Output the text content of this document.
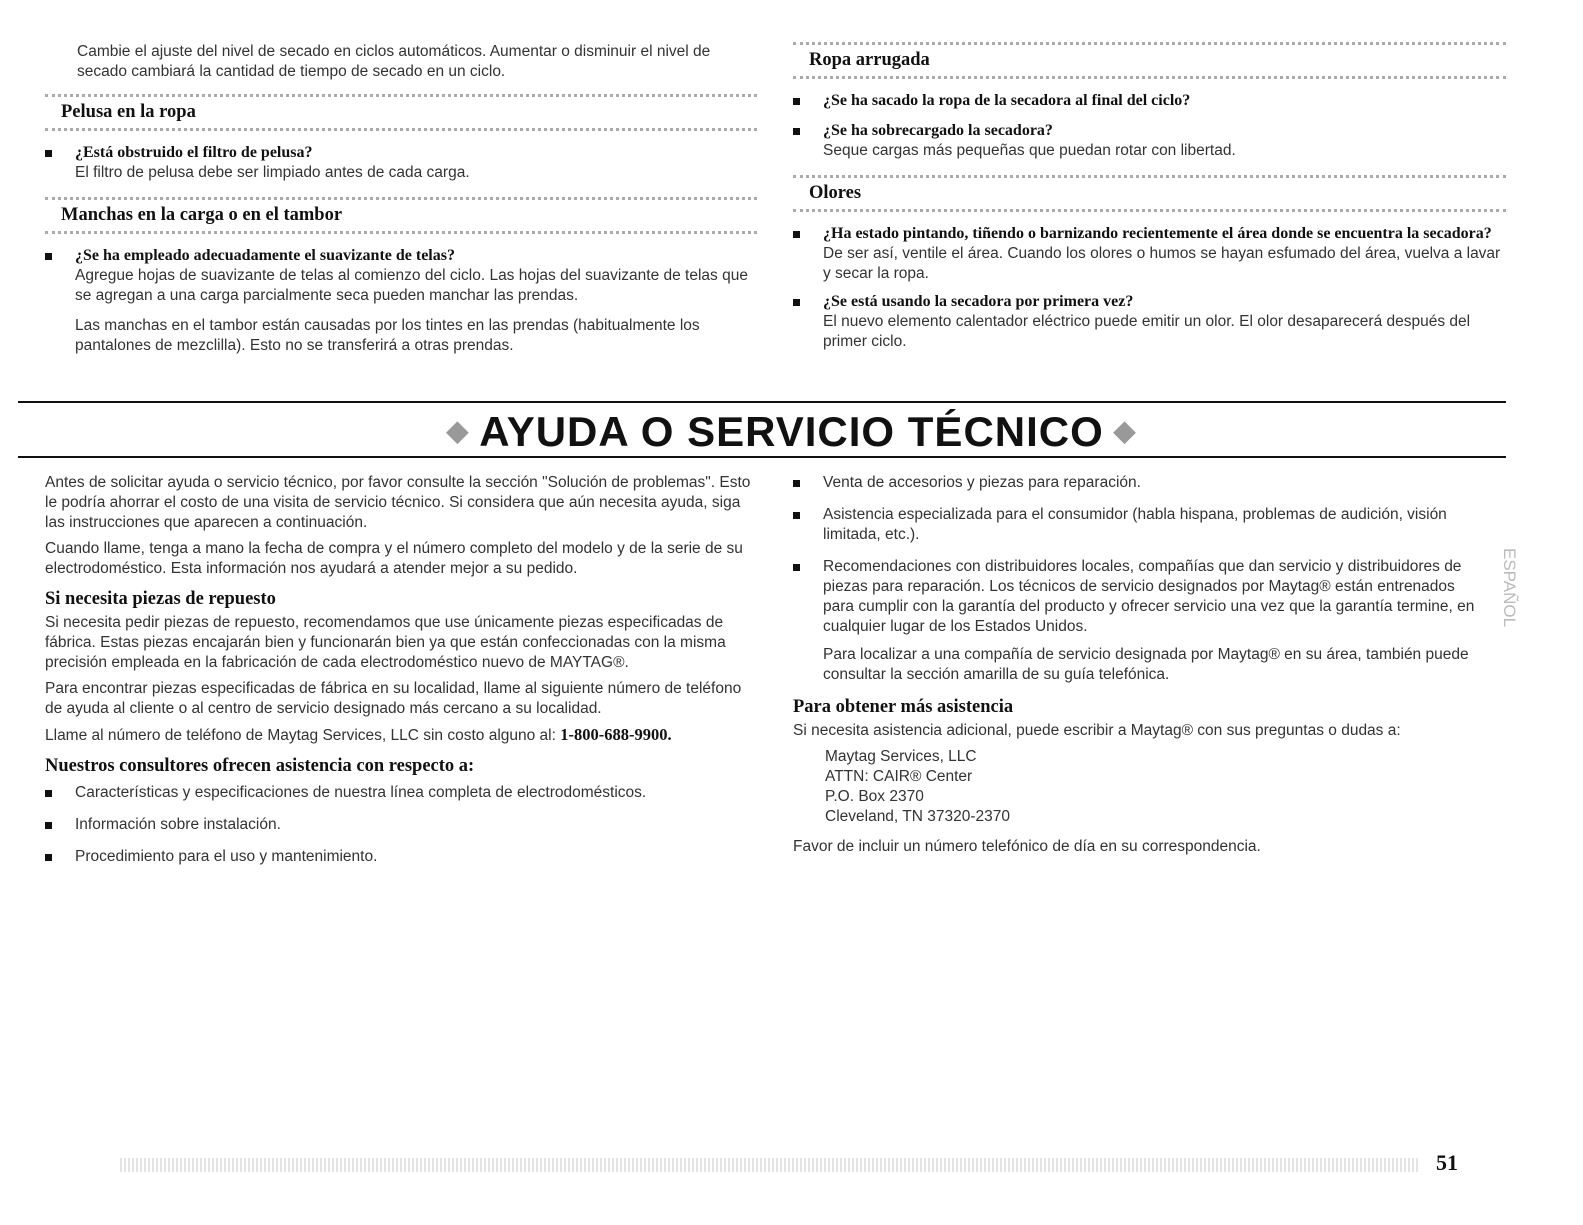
Cambie el ajuste del nivel de secado en ciclos automáticos. Aumentar o disminuir el nivel de secado cambiará la cantidad de tiempo de secado en un ciclo.

Pelusa en la ropa

¿Está obstruido el filtro de pelusa?

El filtro de pelusa debe ser limpiado antes de cada carga.

Manchas en la carga o en el tambor

¿Se ha empleado adecuadamente el suavizante de telas?

Agregue hojas de suavizante de telas al comienzo del ciclo. Las hojas del suavizante de telas que se agregan a una carga parcialmente seca pueden manchar las prendas.

Las manchas en el tambor están causadas por los tintes en las prendas (habitualmente los pantalones de mezclilla). Esto no se transferirá a otras prendas.

Ropa arrugada

¿Se ha sacado la ropa de la secadora al final del ciclo?

¿Se ha sobrecargado la secadora?

Seque cargas más pequeñas que puedan rotar con libertad.

Olores

¿Ha estado pintando, tiñendo o barnizando recientemente el área donde se encuentra la secadora?

De ser así, ventile el área. Cuando los olores o humos se hayan esfumado del área, vuelva a lavar y secar la ropa.

¿Se está usando la secadora por primera vez?

El nuevo elemento calentador eléctrico puede emitir un olor. El olor desaparecerá después del primer ciclo.

◆ AYUDA O SERVICIO TÉCNICO ◆

Antes de solicitar ayuda o servicio técnico, por favor consulte la sección "Solución de problemas". Esto le podría ahorrar el costo de una visita de servicio técnico. Si considera que aún necesita ayuda, siga las instrucciones que aparecen a continuación.

Cuando llame, tenga a mano la fecha de compra y el número completo del modelo y de la serie de su electrodoméstico. Esta información nos ayudará a atender mejor a su pedido.

Si necesita piezas de repuesto

Si necesita pedir piezas de repuesto, recomendamos que use únicamente piezas especificadas de fábrica. Estas piezas encajarán bien y funcionarán bien ya que están confeccionadas con la misma precisión empleada en la fabricación de cada electrodoméstico nuevo de MAYTAG®.

Para encontrar piezas especificadas de fábrica en su localidad, llame al siguiente número de teléfono de ayuda al cliente o al centro de servicio designado más cercano a su localidad.

Llame al número de teléfono de Maytag Services, LLC sin costo alguno al: 1-800-688-9900.

Nuestros consultores ofrecen asistencia con respecto a:

Características y especificaciones de nuestra línea completa de electrodomésticos.

Información sobre instalación.

Procedimiento para el uso y mantenimiento.

Venta de accesorios y piezas para reparación.

Asistencia especializada para el consumidor (habla hispana, problemas de audición, visión limitada, etc.).

Recomendaciones con distribuidores locales, compañías que dan servicio y distribuidores de piezas para reparación. Los técnicos de servicio designados por Maytag® están entrenados para cumplir con la garantía del producto y ofrecer servicio una vez que la garantía termine, en cualquier lugar de los Estados Unidos.

Para localizar a una compañía de servicio designada por Maytag® en su área, también puede consultar la sección amarilla de su guía telefónica.

Para obtener más asistencia

Si necesita asistencia adicional, puede escribir a Maytag® con sus preguntas o dudas a:

Maytag Services, LLC
ATTN: CAIR® Center
P.O. Box 2370
Cleveland, TN 37320-2370

Favor de incluir un número telefónico de día en su correspondencia.

ESPAÑOL
51
